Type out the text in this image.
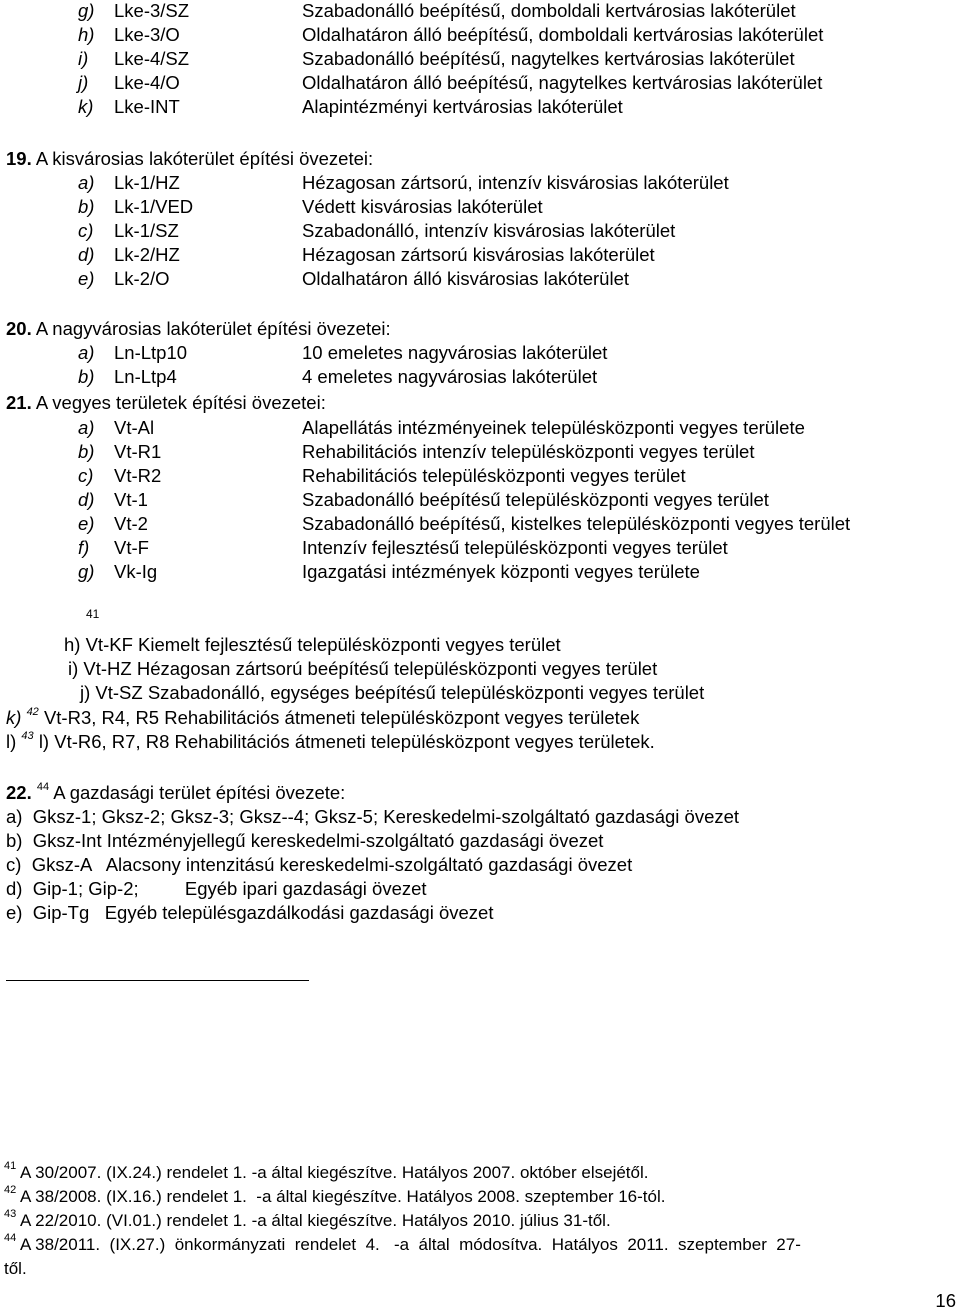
g) Lke-3/SZ	Szabadonálló beépítésű, domboldali kertvárosias lakóterület
h) Lke-3/O	Oldalhatáron álló beépítésű, domboldali kertvárosias lakóterület
i) Lke-4/SZ	Szabadonálló beépítésű, nagytelkes kertvárosias lakóterület
j) Lke-4/O	Oldalhatáron álló beépítésű, nagytelkes kertvárosias lakóterület
k) Lke-INT	Alapintézményi kertvárosias lakóterület
19. A kisvárosias lakóterület építési övezetei:
a) Lk-1/HZ	Hézagosan zártsorú, intenzív kisvárosias lakóterület
b) Lk-1/VED	Védett kisvárosias lakóterület
c) Lk-1/SZ	Szabadonálló, intenzív kisvárosias lakóterület
d) Lk-2/HZ	Hézagosan zártsorú kisvárosias lakóterület
e) Lk-2/O	Oldalhatáron álló kisvárosias lakóterület
20. A nagyvárosias lakóterület építési övezetei:
a) Ln-Ltp10	10 emeletes nagyvárosias lakóterület
b) Ln-Ltp4	4 emeletes nagyvárosias lakóterület
21. A vegyes területek építési övezetei:
a) Vt-Al	Alapellátás intézményeinek településközponti vegyes területe
b) Vt-R1	Rehabilitációs intenzív településközponti vegyes terület
c) Vt-R2	Rehabilitációs településközponti vegyes terület
d) Vt-1	Szabadonálló beépítésű településközponti vegyes terület
e) Vt-2	Szabadonálló beépítésű, kistelkes településközponti vegyes terület
f) Vt-F	Intenzív fejlesztésű településközponti vegyes terület
g) Vk-Ig	Igazgatási intézmények központi vegyes területe
41
h) Vt-KF Kiemelt fejlesztésű településközponti vegyes terület
i) Vt-HZ Hézagosan zártsorú beépítésű településközponti vegyes terület
j) Vt-SZ Szabadonálló, egységes beépítésű településközponti vegyes terület
k) $^{42}$ Vt-R3, R4, R5 Rehabilitációs átmeneti településközpont vegyes területek
l) $^{43}$ l) Vt-R6, R7, R8 Rehabilitációs átmeneti településközpont vegyes területek.
22. $^{44}$ A gazdasági terület építési övezete:
a)  Gksz-1; Gksz-2; Gksz-3; Gksz--4; Gksz-5; Kereskedelmi-szolgáltató gazdasági övezet
b)  Gksz-Int Intézményjellegű kereskedelmi-szolgáltató gazdasági övezet
c)  Gksz-A   Alacsony intenzitású kereskedelmi-szolgáltató gazdasági övezet
d)  Gip-1; Gip-2;         Egyéb ipari gazdasági övezet
e)  Gip-Tg   Egyéb településgazdálkodási gazdasági övezet
$^{41}$ A 30/2007. (IX.24.) rendelet 1. -a által kiegészítve. Hatályos 2007. október elsejétől.
$^{42}$ A 38/2008. (IX.16.) rendelet 1.  -a által kiegészítve. Hatályos 2008. szeptember 16-tól.
$^{43}$ A 22/2010. (VI.01.) rendelet 1. -a által kiegészítve. Hatályos 2010. július 31-től.
$^{44}$ A 38/2011.  (IX.27.)  önkormányzati  rendelet  4.   -a  által  módosítva.  Hatályos  2011.  szeptember  27-
től.
16
